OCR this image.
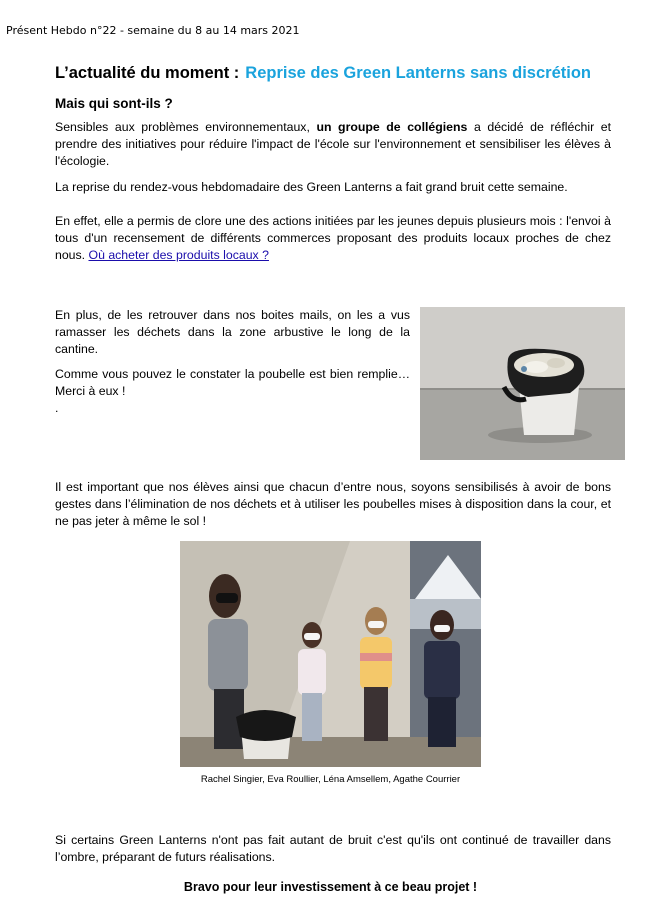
Présent Hebdo n°22 - semaine du 8 au 14 mars 2021
L’actualité du moment : Reprise des Green Lanterns sans discrétion
Mais qui sont-ils ?

Sensibles aux problèmes environnementaux, un groupe de collégiens a décidé de réfléchir et prendre des initiatives pour réduire l'impact de l'école sur l'environnement et sensibiliser les élèves à l'écologie.

La reprise du rendez-vous hebdomadaire des Green Lanterns a fait grand bruit cette semaine.

En effet, elle a permis de clore une des actions initiées par les jeunes depuis plusieurs mois : l'envoi à tous d'un recensement de différents commerces proposant des produits locaux proches de chez nous. Où acheter des produits locaux ?

En plus, de les retrouver dans nos boites mails, on les a vus ramasser les déchets dans la zone arbustive le long de la cantine.

Comme vous pouvez le constater la poubelle est bien remplie… Merci à eux !
.

Il est important que nos élèves ainsi que chacun d’entre nous, soyons sensibilisés à avoir de bons gestes dans l’élimination de nos déchets et à utiliser les poubelles mises à disposition dans la cour, et ne pas jeter à même le sol !

Rachel Singier, Eva Roullier, Léna Amsellem, Agathe Courrier

Si certains Green Lanterns n'ont pas fait autant de bruit c'est qu'ils ont continué de travailler dans l’ombre, préparant de futurs réalisations.

Bravo pour leur investissement à ce beau projet !
